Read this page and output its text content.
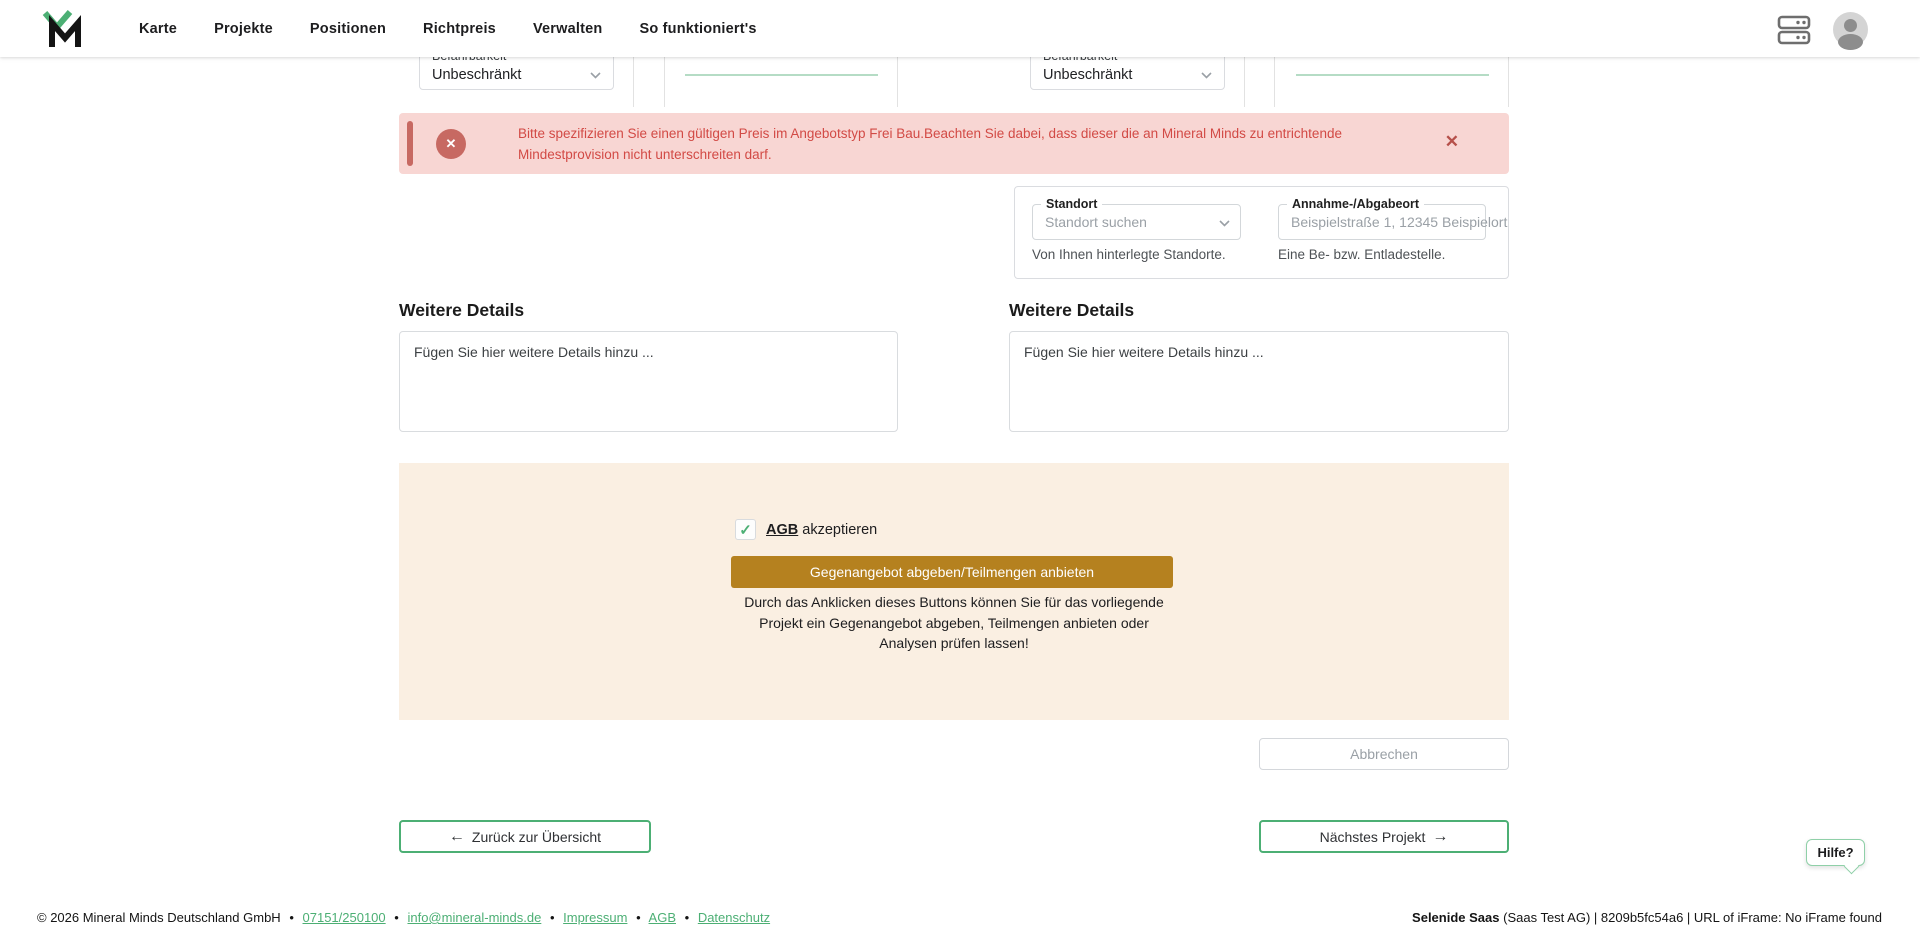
Karte	Projekte	Positionen	Richtpreis	Verwalten	So funktioniert's
Unbeschränkt	Unbeschränkt
✕
Bitte spezifizieren Sie einen gültigen Preis im Angebotstyp Frei Bau.Beachten Sie dabei, dass dieser die an Mineral Minds zu entrichtende Mindestprovision nicht unterschreiten darf.
✕
Standort
Standort suchen
Von Ihnen hinterlegte Standorte.
Annahme-/Abgabeort
Beispielstraße 1, 12345 Beispielort
Eine Be- bzw. Entladestelle.
Weitere Details
Fügen Sie hier weitere Details hinzu ...	Weitere Details
Fügen Sie hier weitere Details hinzu ...
✓ AGB akzeptieren
Gegenangebot abgeben/Teilmengen anbieten

Durch das Anklicken dieses Buttons können Sie für das vorliegende Projekt ein Gegenangebot abgeben, Teilmengen anbieten oder Analysen prüfen lassen!

Abbrechen
← Zurück zur Übersicht	Nächstes Projekt →
Hilfe?
© 2026 Mineral Minds Deutschland GmbH • 07151/250100 • info@mineral-minds.de • Impressum • AGB • Datenschutz	Selenide Saas (Saas Test AG) | 8209b5fc54a6 | URL of iFrame: No iFrame found
